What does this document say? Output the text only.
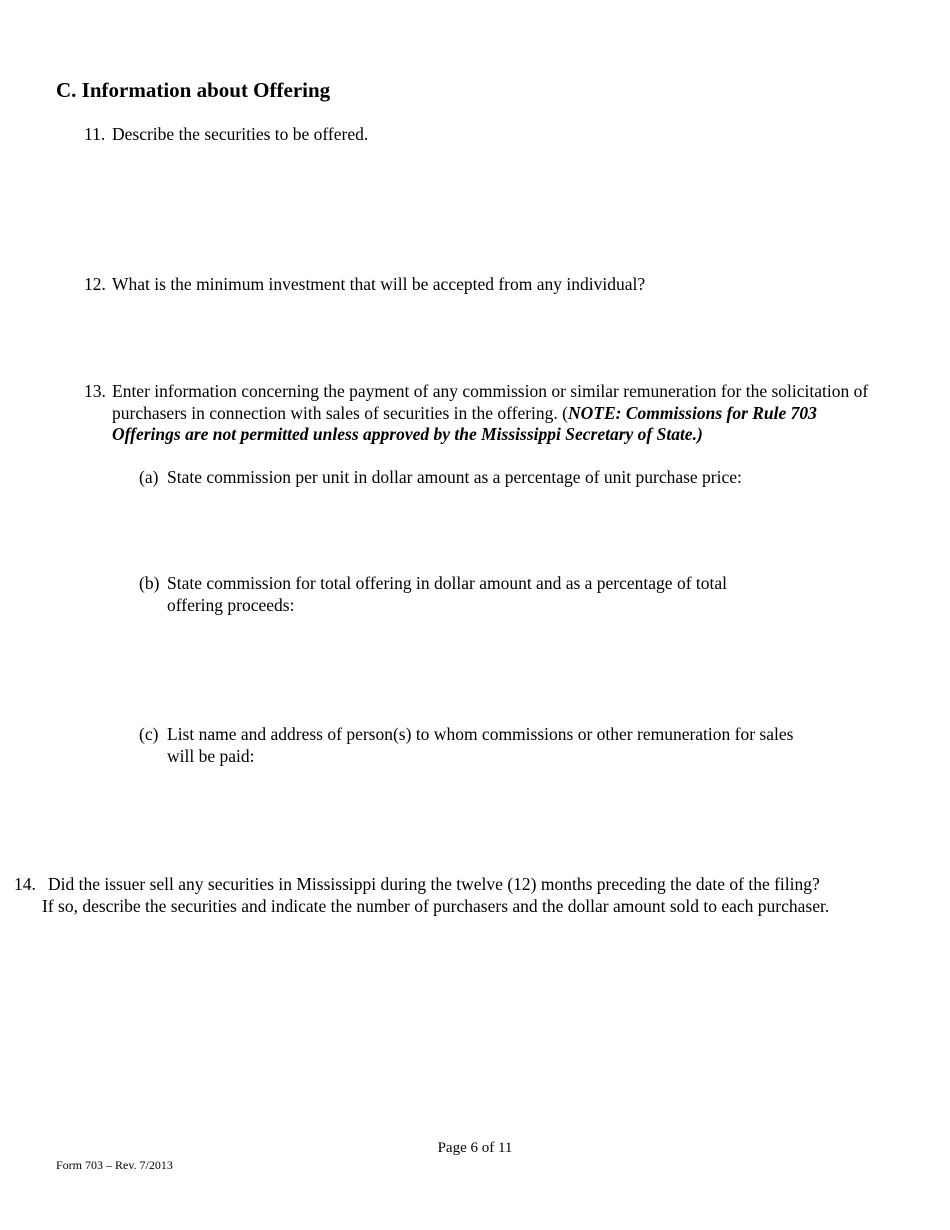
C. Information about Offering
11. Describe the securities to be offered.
12. What is the minimum investment that will be accepted from any individual?
13. Enter information concerning the payment of any commission or similar remuneration for the solicitation of purchasers in connection with sales of securities in the offering. (NOTE: Commissions for Rule 703 Offerings are not permitted unless approved by the Mississippi Secretary of State.)
(a) State commission per unit in dollar amount as a percentage of unit purchase price:
(b) State commission for total offering in dollar amount and as a percentage of total offering proceeds:
(c) List name and address of person(s) to whom commissions or other remuneration for sales will be paid:
14. Did the issuer sell any securities in Mississippi during the twelve (12) months preceding the date of the filing? If so, describe the securities and indicate the number of purchasers and the dollar amount sold to each purchaser.
Page 6 of 11
Form 703 – Rev. 7/2013
